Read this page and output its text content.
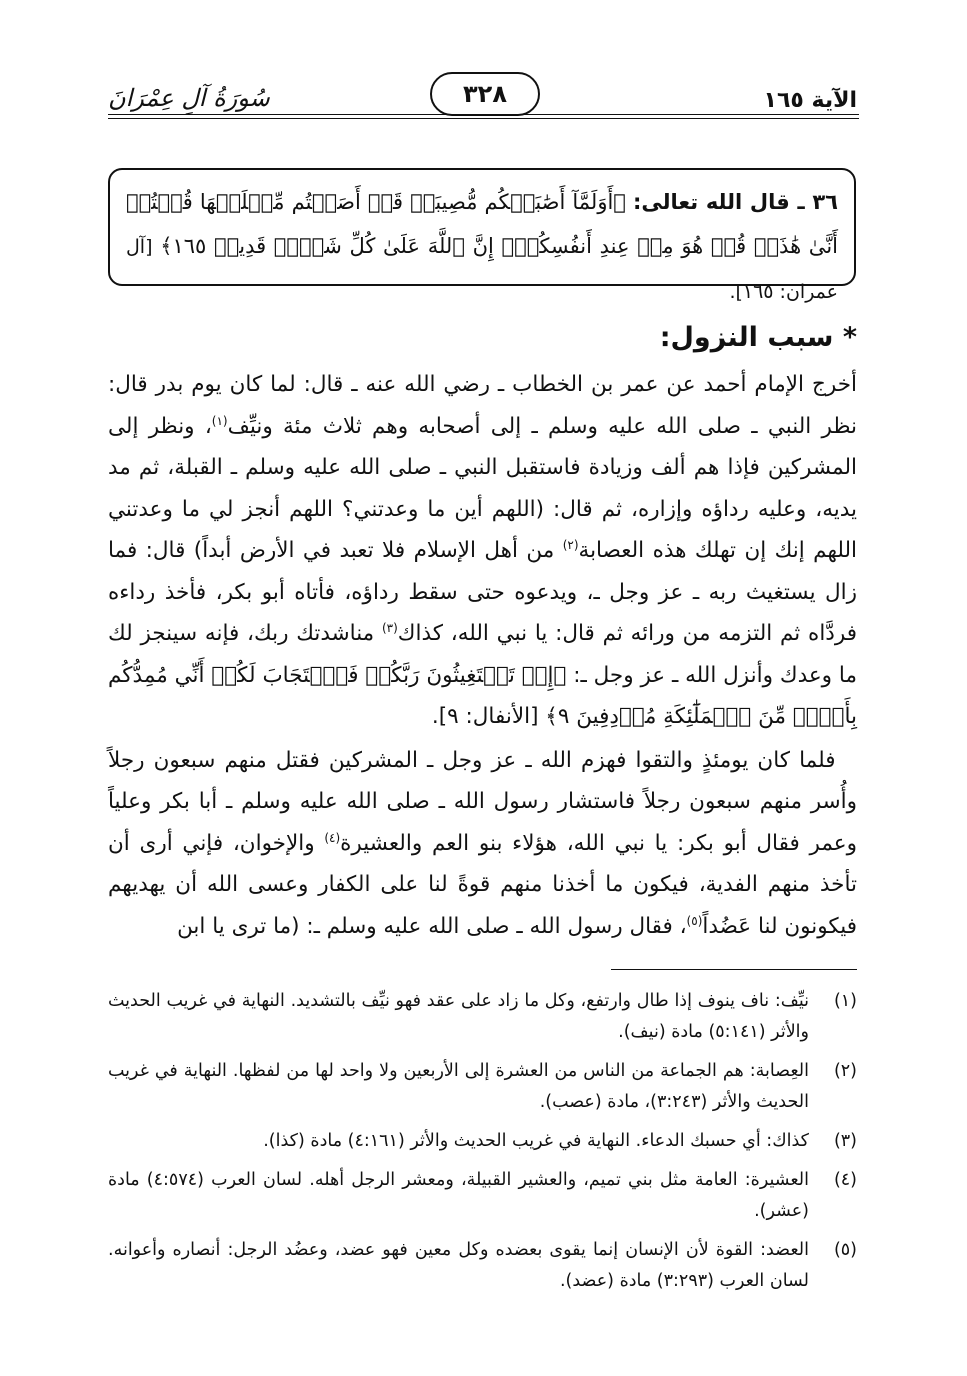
الآية ١٦٥
٣٢٨
سُورَةُ آلِ عِمْرَانَ
٣٦ ـ قال الله تعالى: ﴿أَوَلَمَّآ أَصَٰبَتۡكُم مُّصِيبَةٞ قَدۡ أَصَبۡتُم مِّثۡلَيۡهَا قُلۡتُمۡ أَنَّىٰ هَٰذَاۖ قُلۡ هُوَ مِنۡ عِندِ أَنفُسِكُمۡۗ إِنَّ ٱللَّهَ عَلَىٰ كُلِّ شَيۡءٖ قَدِيرٞ ١٦٥﴾ [آل عمران: ١٦٥].
* سبب النزول:

أخرج الإمام أحمد عن عمر بن الخطاب ـ رضي الله عنه ـ قال: لما كان يوم بدر قال: نظر النبي ـ صلى الله عليه وسلم ـ إلى أصحابه وهم ثلاث مئة ونيِّف$^{(١)}$، ونظر إلى المشركين فإذا هم ألف وزيادة فاستقبل النبي ـ صلى الله عليه وسلم ـ القبلة، ثم مد يديه، وعليه رداؤه وإزاره، ثم قال: (اللهم أين ما وعدتني؟ اللهم أنجز لي ما وعدتني اللهم إنك إن تهلك هذه العصابة$^{(٢)}$ من أهل الإسلام فلا تعبد في الأرض أبداً) قال: فما زال يستغيث ربه ـ عز وجل ـ، ويدعوه حتى سقط رداؤه، فأتاه أبو بكر، فأخذ رداءه فردَّاه ثم التزمه من ورائه ثم قال: يا نبي الله، كذاك$^{(٣)}$ مناشدتك ربك، فإنه سينجز لك ما وعدك وأنزل الله ـ عز وجل ـ: ﴿إِذۡ تَسۡتَغِيثُونَ رَبَّكُمۡ فَٱسۡتَجَابَ لَكُمۡ أَنِّي مُمِدُّكُم بِأَلۡفٖ مِّنَ ٱلۡمَلَٰٓئِكَةِ مُرۡدِفِينَ ٩﴾ [الأنفال: ٩].

 فلما كان يومئذٍ والتقوا فهزم الله ـ عز وجل ـ المشركين فقتل منهم سبعون رجلاً وأُسر منهم سبعون رجلاً فاستشار رسول الله ـ صلى الله عليه وسلم ـ أبا بكر وعلياً وعمر فقال أبو بكر: يا نبي الله، هؤلاء بنو العم والعشيرة$^{(٤)}$ والإخوان، فإني أرى أن تأخذ منهم الفدية، فيكون ما أخذنا منهم قوةً لنا على الكفار وعسى الله أن يهديهم فيكونون لنا عَضُداً$^{(٥)}$، فقال رسول الله ـ صلى الله عليه وسلم ـ: (ما ترى يا ابن

(١)
نيِّف: ناف ينوف إذا طال وارتفع، وكل ما زاد على عقد فهو نيِّف بالتشديد. النهاية في غريب الحديث والأثر (٥:١٤١) مادة (نيف).
(٢)
العِصابة: هم الجماعة من الناس من العشرة إلى الأربعين ولا واحد لها من لفظها. النهاية في غريب الحديث والأثر (٣:٢٤٣)، مادة (عصب).
(٣)
كذاك: أي حسبك الدعاء. النهاية في غريب الحديث والأثر (٤:١٦١) مادة (كذا).
(٤)
العشيرة: العامة مثل بني تميم، والعشير القبيلة، ومعشر الرجل أهله. لسان العرب (٤:٥٧٤) مادة (عشر).
(٥)
العضد: القوة لأن الإنسان إنما يقوى بعضده وكل معين فهو عضد، وعضُد الرجل: أنصاره وأعوانه. لسان العرب (٣:٢٩٣) مادة (عضد).
